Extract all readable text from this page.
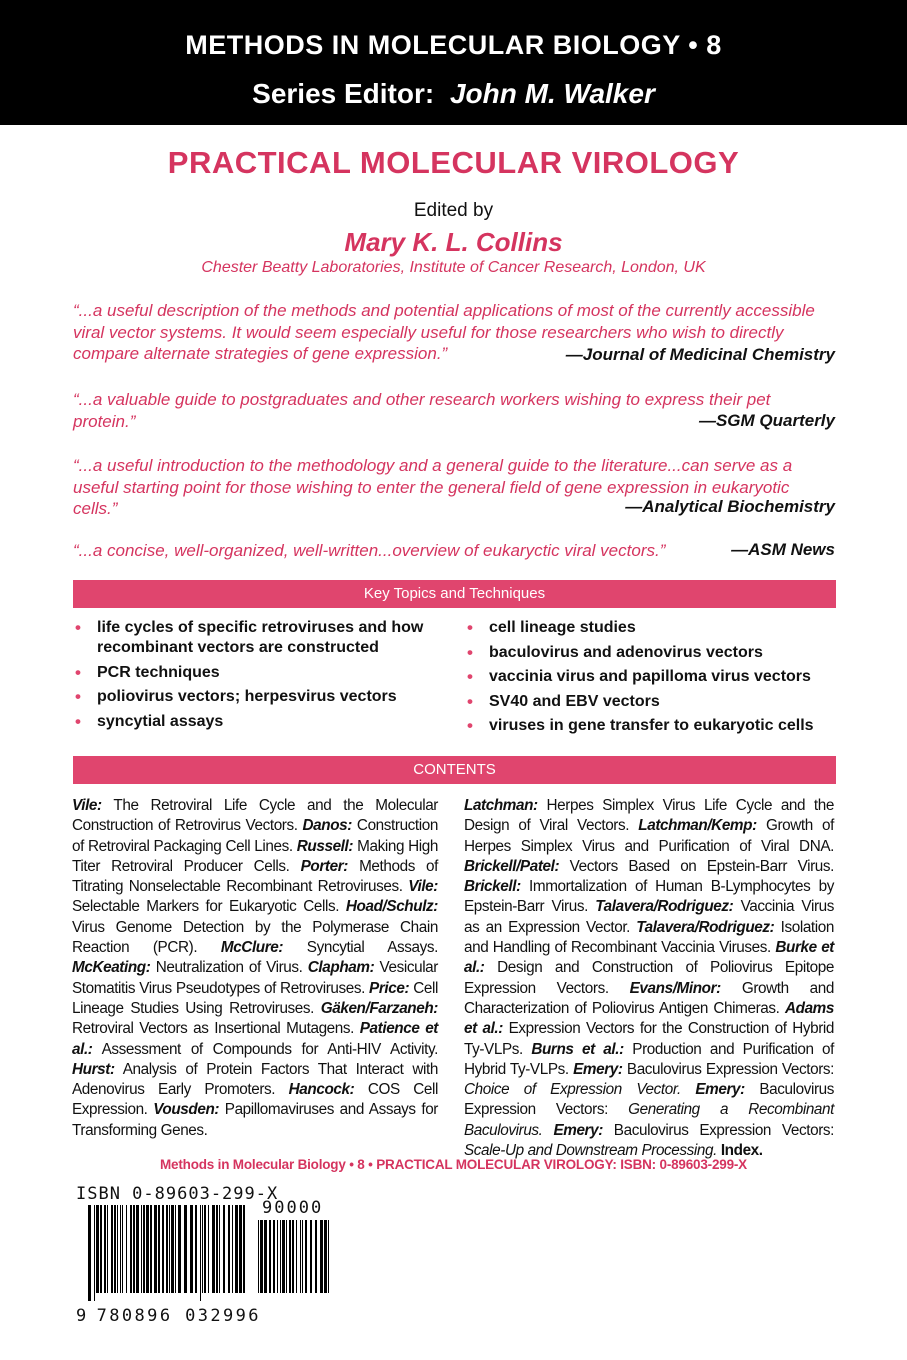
METHODS IN MOLECULAR BIOLOGY • 8
Series Editor: John M. Walker
PRACTICAL MOLECULAR VIROLOGY
Edited by
Mary K. L. Collins
Chester Beatty Laboratories, Institute of Cancer Research, London, UK
“...a useful description of the methods and potential applications of most of the currently accessible viral vector systems. It would seem especially useful for those researchers who wish to directly compare alternate strategies of gene expression.”	—Journal of Medicinal Chemistry
“...a valuable guide to postgraduates and other research workers wishing to express their pet protein.”	—SGM Quarterly
“...a useful introduction to the methodology and a general guide to the literature...can serve as a useful starting point for those wishing to enter the general field of gene expression in eukaryotic cells.”	—Analytical Biochemistry
“...a concise, well-organized, well-written...overview of eukaryctic viral vectors.”	—ASM News
Key Topics and Techniques
• life cycles of specific retroviruses and how recombinant vectors are constructed
• PCR techniques
• poliovirus vectors; herpesvirus vectors
• syncytial assays
• cell lineage studies
• baculovirus and adenovirus vectors
• vaccinia virus and papilloma virus vectors
• SV40 and EBV vectors
• viruses in gene transfer to eukaryotic cells
CONTENTS
Vile: The Retroviral Life Cycle and the Molecular Construction of Retrovirus Vectors. Danos: Construction of Retroviral Packaging Cell Lines. Russell: Making High Titer Retroviral Producer Cells. Porter: Methods of Titrating Nonselectable Recombinant Retroviruses. Vile: Selectable Markers for Eukaryotic Cells. Hoad/Schulz: Virus Genome Detection by the Polymerase Chain Reaction (PCR). McClure: Syncytial Assays. McKeating: Neutralization of Virus. Clapham: Vesicular Stomatitis Virus Pseudotypes of Retroviruses. Price: Cell Lineage Studies Using Retroviruses. Gäken/Farzaneh: Retroviral Vectors as Insertional Mutagens. Patience et al.: Assessment of Compounds for Anti-HIV Activity. Hurst: Analysis of Protein Factors That Interact with Adenovirus Early Promoters. Hancock: COS Cell Expression. Vousden: Papillomaviruses and Assays for Transforming Genes.
Latchman: Herpes Simplex Virus Life Cycle and the Design of Viral Vectors. Latchman/Kemp: Growth of Herpes Simplex Virus and Purification of Viral DNA. Brickell/Patel: Vectors Based on Epstein-Barr Virus. Brickell: Immortalization of Human B-Lymphocytes by Epstein-Barr Virus. Talavera/Rodriguez: Vaccinia Virus as an Expression Vector. Talavera/Rodriguez: Isolation and Handling of Recombinant Vaccinia Viruses. Burke et al.: Design and Construction of Poliovirus Epitope Expression Vectors. Evans/Minor: Growth and Characterization of Poliovirus Antigen Chimeras. Adams et al.: Expression Vectors for the Construction of Hybrid Ty-VLPs. Burns et al.: Production and Purification of Hybrid Ty-VLPs. Emery: Baculovirus Expression Vectors: Choice of Expression Vector. Emery: Baculovirus Expression Vectors: Generating a Recombinant Baculovirus. Emery: Baculovirus Expression Vectors: Scale-Up and Downstream Processing. Index.
Methods in Molecular Biology • 8 • PRACTICAL MOLECULAR VIROLOGY: ISBN: 0-89603-299-X
ISBN 0-89603-299-X
90000
9 780896 032996
